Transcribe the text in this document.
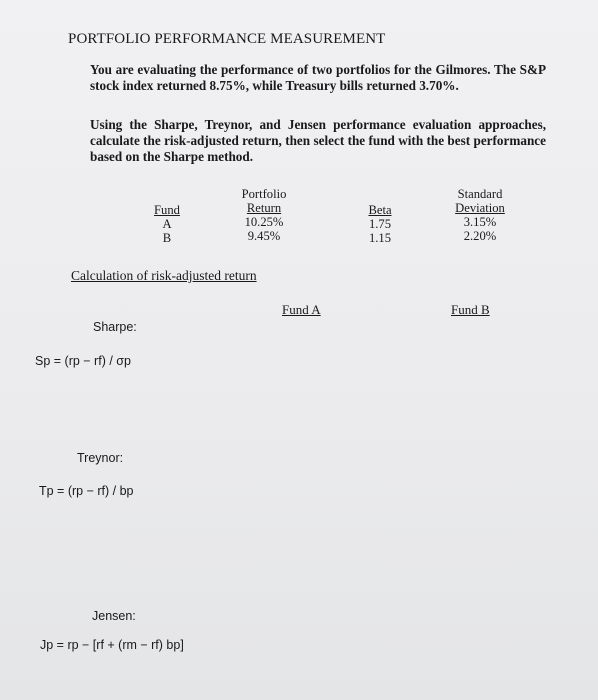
PORTFOLIO PERFORMANCE MEASUREMENT
You are evaluating the performance of two portfolios for the Gilmores. The S&P stock index returned 8.75%, while Treasury bills returned 3.70%.
Using the Sharpe, Treynor, and Jensen performance evaluation approaches, calculate the risk-adjusted return, then select the fund with the best performance based on the Sharpe method.
Fund
A
B
Portfolio
Return
10.25%
9.45%
Beta
1.75
1.15
Standard
Deviation
3.15%
2.20%
Calculation of risk-adjusted return
Fund A	Fund B
Sharpe:
Sp = (rp − rf) / σp
Treynor:
Tp = (rp − rf) / bp
Jensen:
Jp = rp − [rf + (rm − rf) bp]
